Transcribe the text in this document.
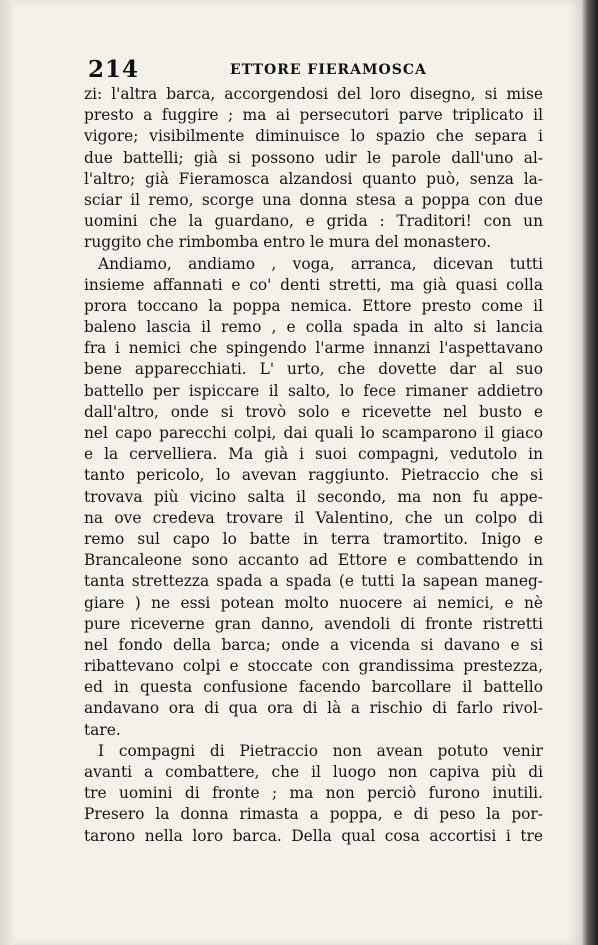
214	ETTORE FIERAMOSCA
zi: l'altra barca, accorgendosi del loro disegno, si mise
presto a fuggire ; ma ai persecutori parve triplicato il
vigore; visibilmente diminuisce lo spazio che separa i
due battelli; già si possono udir le parole dall'uno al-
l'altro; già Fieramosca alzandosi quanto può, senza la-
sciar il remo, scorge una donna stesa a poppa con due
uomini che la guardano, e grida : Traditori! con un
ruggito che rimbomba entro le mura del monastero.
Andiamo, andiamo , voga, arranca, dicevan tutti
insieme affannati e co' denti stretti, ma già quasi colla
prora toccano la poppa nemica. Ettore presto come il
baleno lascia il remo , e colla spada in alto si lancia
fra i nemici che spingendo l'arme innanzi l'aspettavano
bene apparecchiati. L' urto, che dovette dar al suo
battello per ispiccare il salto, lo fece rimaner addietro
dall'altro, onde si trovò solo e ricevette nel busto e
nel capo parecchi colpi, dai quali lo scamparono il giaco
e la cervelliera. Ma già i suoi compagni, vedutolo in
tanto pericolo, lo avevan raggiunto. Pietraccio che si
trovava più vicino salta il secondo, ma non fu appe-
na ove credeva trovare il Valentino, che un colpo di
remo sul capo lo batte in terra tramortito. Inigo e
Brancaleone sono accanto ad Ettore e combattendo in
tanta strettezza spada a spada (e tutti la sapean maneg-
giare ) ne essi potean molto nuocere ai nemici, e nè
pure riceverne gran danno, avendoli di fronte ristretti
nel fondo della barca; onde a vicenda si davano e si
ribattevano colpi e stoccate con grandissima prestezza,
ed in questa confusione facendo barcollare il battello
andavano ora di qua ora di là a rischio di farlo rivol-
tare.
I compagni di Pietraccio non avean potuto venir
avanti a combattere, che il luogo non capiva più di
tre uomini di fronte ; ma non perciò furono inutili.
Presero la donna rimasta a poppa, e di peso la por-
tarono nella loro barca. Della qual cosa accortisi i tre
